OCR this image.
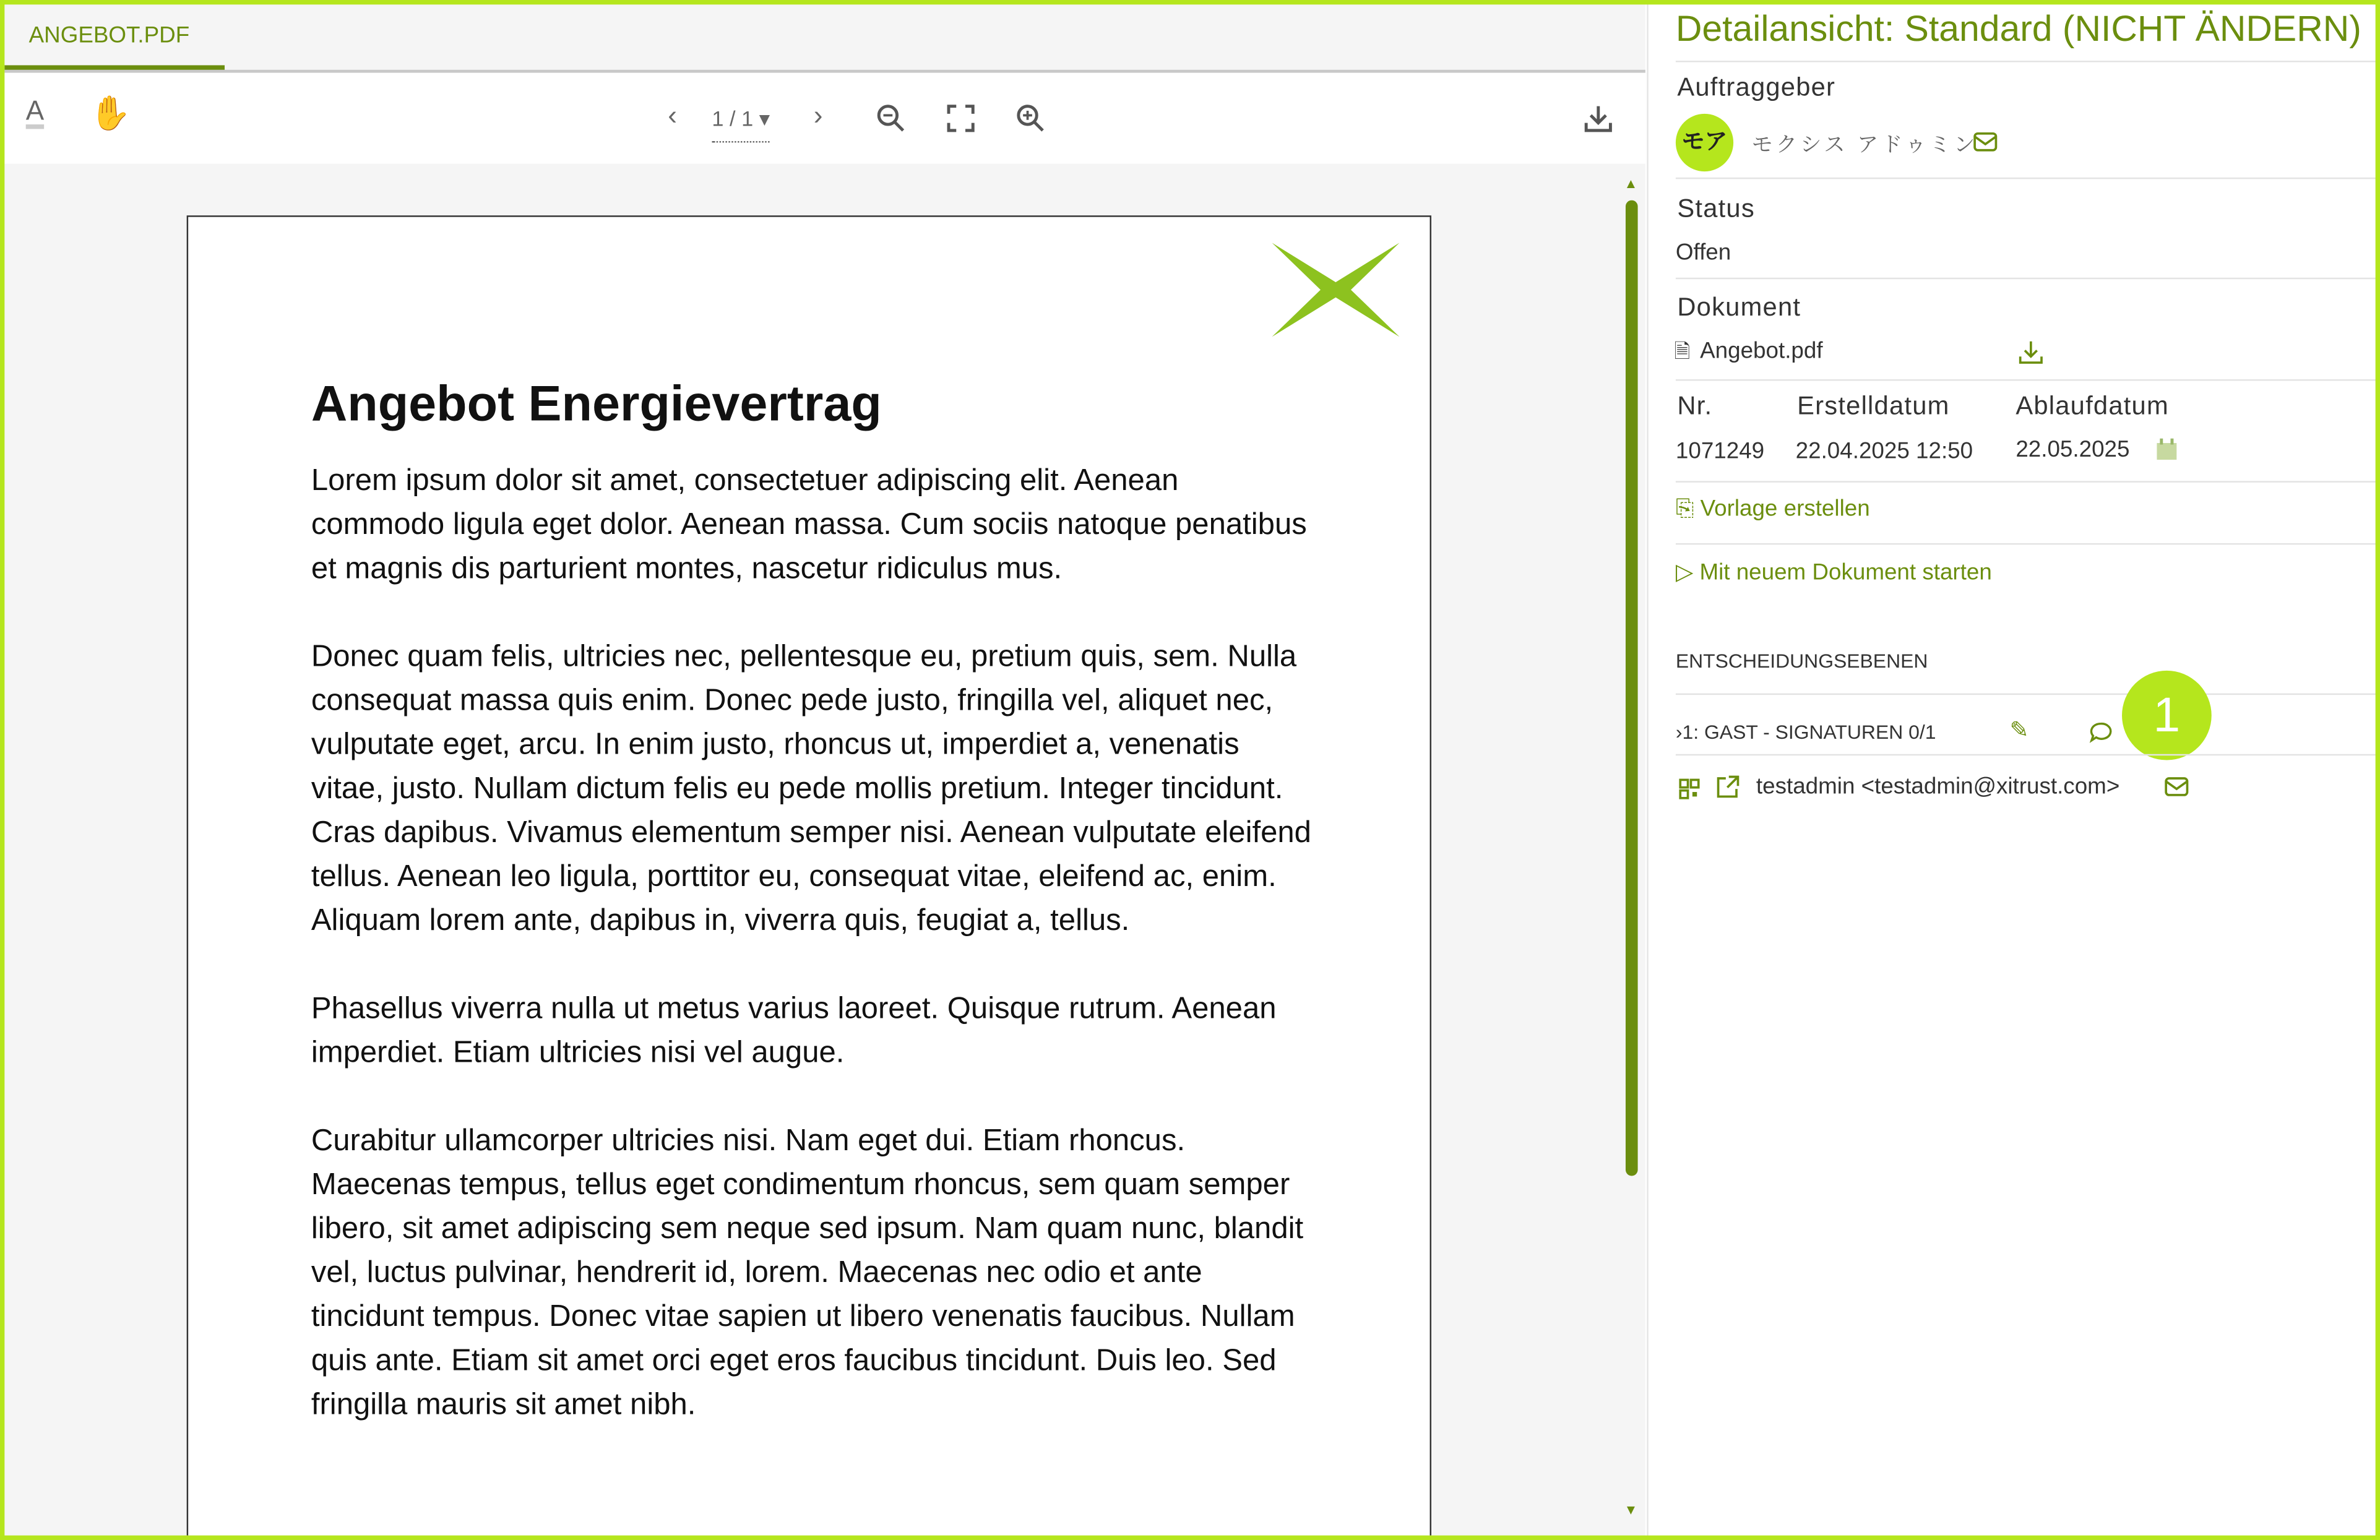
ANGEBOT.PDF
A	✋	‹	1 / 1 ▾	›
Angebot Energievertrag

Lorem ipsum dolor sit amet, consectetuer adipiscing elit. Aenean commodo ligula eget dolor. Aenean massa. Cum sociis natoque penatibus et magnis dis parturient montes, nascetur ridiculus mus.

Donec quam felis, ultricies nec, pellentesque eu, pretium quis, sem. Nulla consequat massa quis enim. Donec pede justo, fringilla vel, aliquet nec, vulputate eget, arcu. In enim justo, rhoncus ut, imperdiet a, venenatis vitae, justo. Nullam dictum felis eu pede mollis pretium. Integer tincidunt. Cras dapibus. Vivamus elementum semper nisi. Aenean vulputate eleifend tellus. Aenean leo ligula, porttitor eu, consequat vitae, eleifend ac, enim. Aliquam lorem ante, dapibus in, viverra quis, feugiat a, tellus.

Phasellus viverra nulla ut metus varius laoreet. Quisque rutrum. Aenean imperdiet. Etiam ultricies nisi vel augue.

Curabitur ullamcorper ultricies nisi. Nam eget dui. Etiam rhoncus. Maecenas tempus, tellus eget condimentum rhoncus, sem quam semper libero, sit amet adipiscing sem neque sed ipsum. Nam quam nunc, blandit vel, luctus pulvinar, hendrerit id, lorem. Maecenas nec odio et ante tincidunt tempus. Donec vitae sapien ut libero venenatis faucibus. Nullam quis ante. Etiam sit amet orci eget eros faucibus tincidunt. Duis leo. Sed fringilla mauris sit amet nibh.

▲
▼
Detailansicht: Standard (NICHT ÄNDERN)
Auftraggeber
モア	モクシス アドゥミン
Status
Offen
Dokument
🗎 Angebot.pdf
Nr.	Erstelldatum	Ablaufdatum
1071249	22.04.2025 12:50	22.05.2025
⎘ Vorlage erstellen
▷ Mit neuem Dokument starten
ENTSCHEIDUNGSEBENEN
›1: GAST - SIGNATUREN 0/1	✎	1
testadmin <testadmin@xitrust.com>
